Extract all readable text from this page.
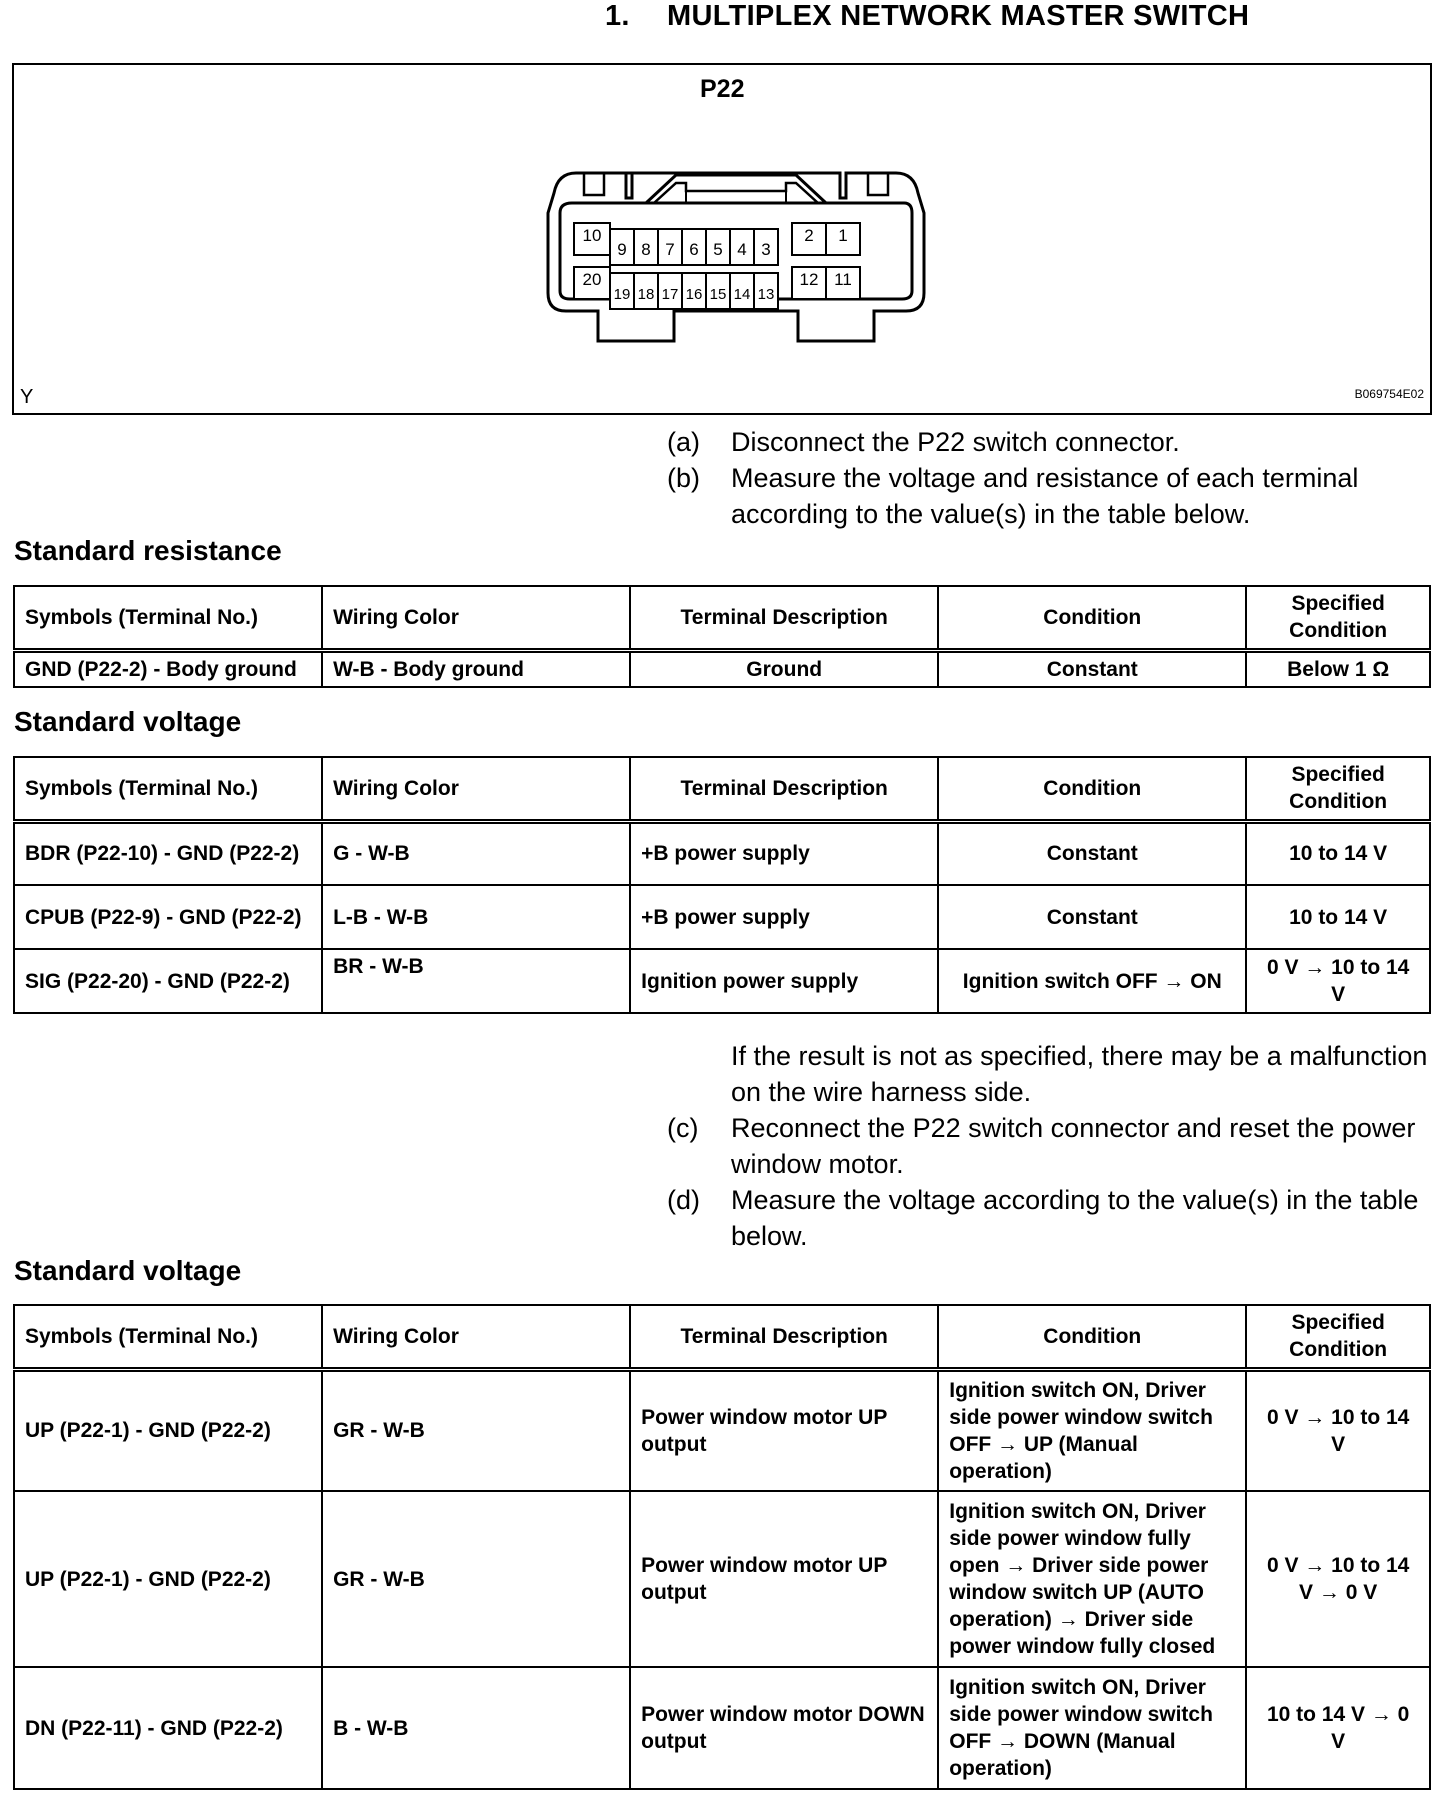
1. MULTIPLEX NETWORK MASTER SWITCH
P22
10
9 8 7 6 5 4 3
2 1
20
19 18 17 16 15 14 13
12 11
Y	B069754E02
(a)	Disconnect the P22 switch connector.
(b)	Measure the voltage and resistance of each terminal according to the value(s) in the table below.
Standard resistance
Symbols (Terminal No.)	Wiring Color	Terminal Description	Condition	Specified Condition
GND (P22-2) - Body ground	W-B - Body ground	Ground	Constant	Below 1 Ω
Standard voltage
Symbols (Terminal No.)	Wiring Color	Terminal Description	Condition	Specified Condition
BDR (P22-10) - GND (P22-2)	G - W-B	+B power supply	Constant	10 to 14 V
CPUB (P22-9) - GND (P22-2)	L-B - W-B	+B power supply	Constant	10 to 14 V
SIG (P22-20) - GND (P22-2)	BR - W-B	Ignition power supply	Ignition switch OFF → ON	0 V → 10 to 14 V
If the result is not as specified, there may be a malfunction on the wire harness side.
(c)	Reconnect the P22 switch connector and reset the power window motor.
(d)	Measure the voltage according to the value(s) in the table below.
Standard voltage
Symbols (Terminal No.)	Wiring Color	Terminal Description	Condition	Specified Condition
UP (P22-1) - GND (P22-2)	GR - W-B	Power window motor UP output	Ignition switch ON, Driver side power window switch OFF → UP (Manual operation)	0 V → 10 to 14 V
UP (P22-1) - GND (P22-2)	GR - W-B	Power window motor UP output	Ignition switch ON, Driver side power window fully open → Driver side power window switch UP (AUTO operation) → Driver side power window fully closed	0 V → 10 to 14 V → 0 V
DN (P22-11) - GND (P22-2)	B - W-B	Power window motor DOWN output	Ignition switch ON, Driver side power window switch OFF → DOWN (Manual operation)	10 to 14 V → 0 V
